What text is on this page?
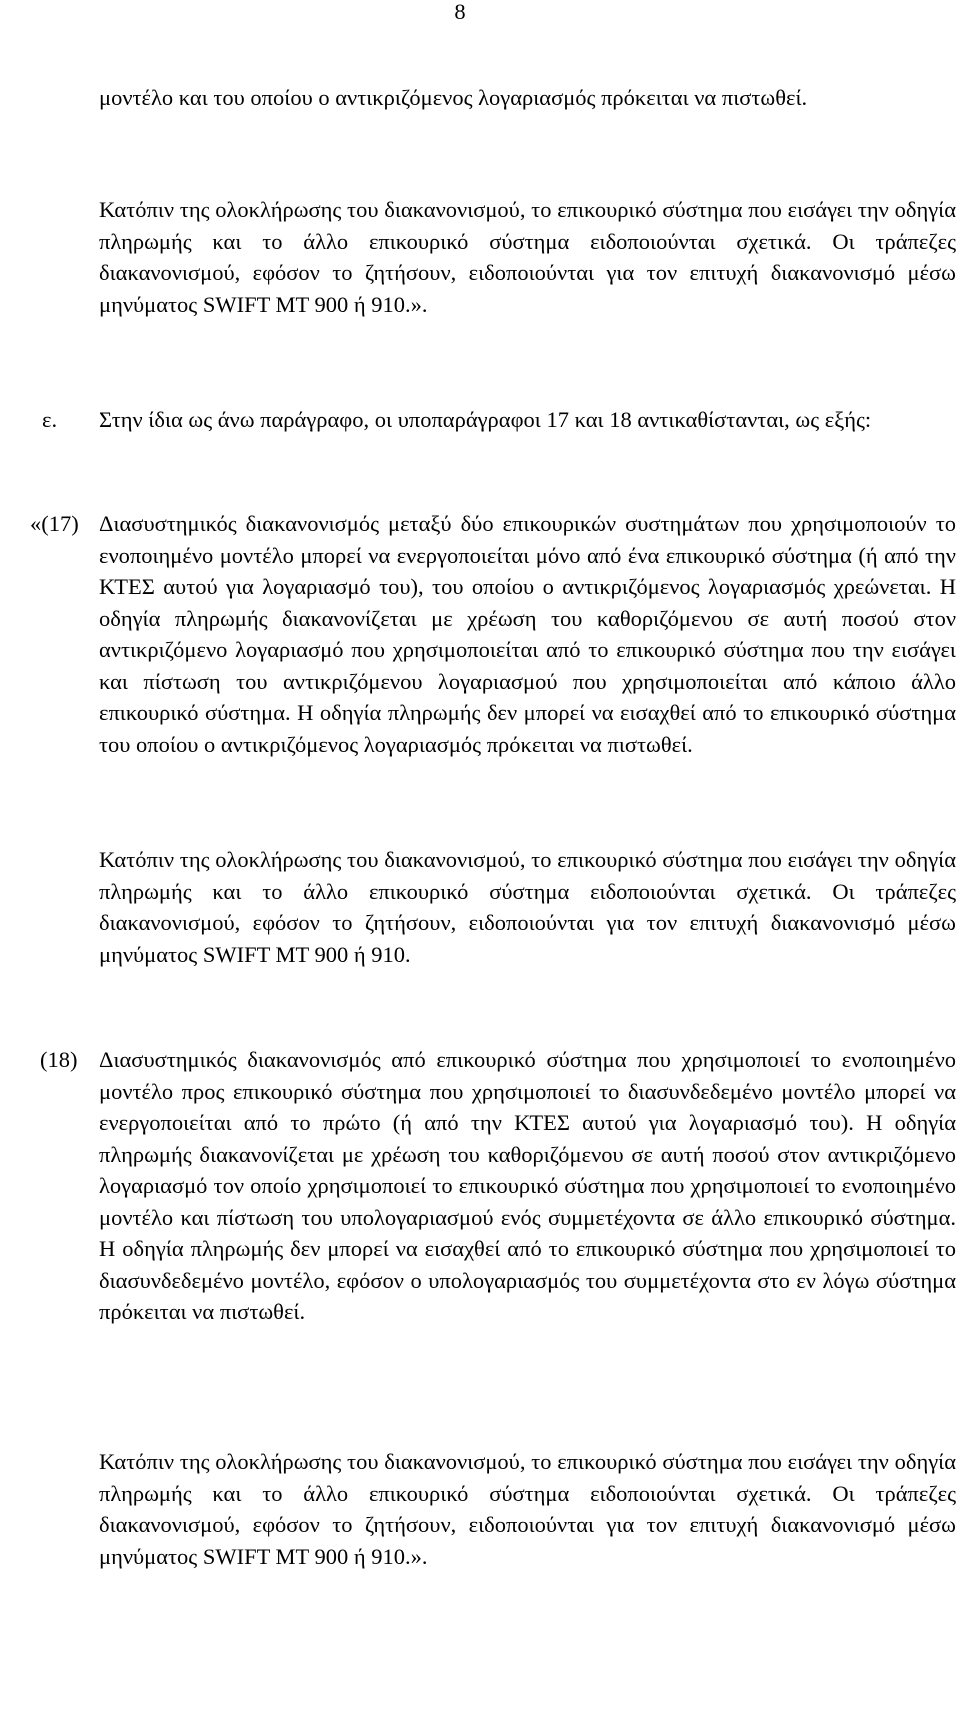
8
μοντέλο και του οποίου ο αντικριζόμενος λογαριασμός πρόκειται να πιστωθεί.
Κατόπιν της ολοκλήρωσης του διακανονισμού, το επικουρικό σύστημα που εισάγει την οδηγία πληρωμής και το άλλο επικουρικό σύστημα ειδοποιούνται σχετικά. Οι τράπεζες διακανονισμού, εφόσον το ζητήσουν, ειδοποιούνται για τον επιτυχή διακανονισμό μέσω μηνύματος SWIFT MT 900 ή 910.».
ε.	Στην ίδια ως άνω παράγραφο, οι υποπαράγραφοι 17 και 18 αντικαθίστανται, ως εξής:
«(17) Διασυστημικός διακανονισμός μεταξύ δύο επικουρικών συστημάτων που χρησιμοποιούν το ενοποιημένο μοντέλο μπορεί να ενεργοποιείται μόνο από ένα επικουρικό σύστημα (ή από την ΚΤΕΣ αυτού για λογαριασμό του), του οποίου ο αντικριζόμενος λογαριασμός χρεώνεται. Η οδηγία πληρωμής διακανονίζεται με χρέωση του καθοριζόμενου σε αυτή ποσού στον αντικριζόμενο λογαριασμό που χρησιμοποιείται από το επικουρικό σύστημα που την εισάγει και πίστωση του αντικριζόμενου λογαριασμού που χρησιμοποιείται από κάποιο άλλο επικουρικό σύστημα. Η οδηγία πληρωμής δεν μπορεί να εισαχθεί από το επικουρικό σύστημα του οποίου ο αντικριζόμενος λογαριασμός πρόκειται να πιστωθεί.
Κατόπιν της ολοκλήρωσης του διακανονισμού, το επικουρικό σύστημα που εισάγει την οδηγία πληρωμής και το άλλο επικουρικό σύστημα ειδοποιούνται σχετικά. Οι τράπεζες διακανονισμού, εφόσον το ζητήσουν, ειδοποιούνται για τον επιτυχή διακανονισμό μέσω μηνύματος SWIFT MT 900 ή 910.
(18) Διασυστημικός διακανονισμός από επικουρικό σύστημα που χρησιμοποιεί το ενοποιημένο μοντέλο προς επικουρικό σύστημα που χρησιμοποιεί το διασυνδεδεμένο μοντέλο μπορεί να ενεργοποιείται από το πρώτο (ή από την ΚΤΕΣ αυτού για λογαριασμό του). Η οδηγία πληρωμής διακανονίζεται με χρέωση του καθοριζόμενου σε αυτή ποσού στον αντικριζόμενο λογαριασμό τον οποίο χρησιμοποιεί το επικουρικό σύστημα που χρησιμοποιεί το ενοποιημένο μοντέλο και πίστωση του υπολογαριασμού ενός συμμετέχοντα σε άλλο επικουρικό σύστημα. Η οδηγία πληρωμής δεν μπορεί να εισαχθεί από το επικουρικό σύστημα που χρησιμοποιεί το διασυνδεδεμένο μοντέλο, εφόσον ο υπολογαριασμός του συμμετέχοντα στο εν λόγω σύστημα πρόκειται να πιστωθεί.
Κατόπιν της ολοκλήρωσης του διακανονισμού, το επικουρικό σύστημα που εισάγει την οδηγία πληρωμής και το άλλο επικουρικό σύστημα ειδοποιούνται σχετικά. Οι τράπεζες διακανονισμού, εφόσον το ζητήσουν, ειδοποιούνται για τον επιτυχή διακανονισμό μέσω μηνύματος SWIFT MT 900 ή 910.».
